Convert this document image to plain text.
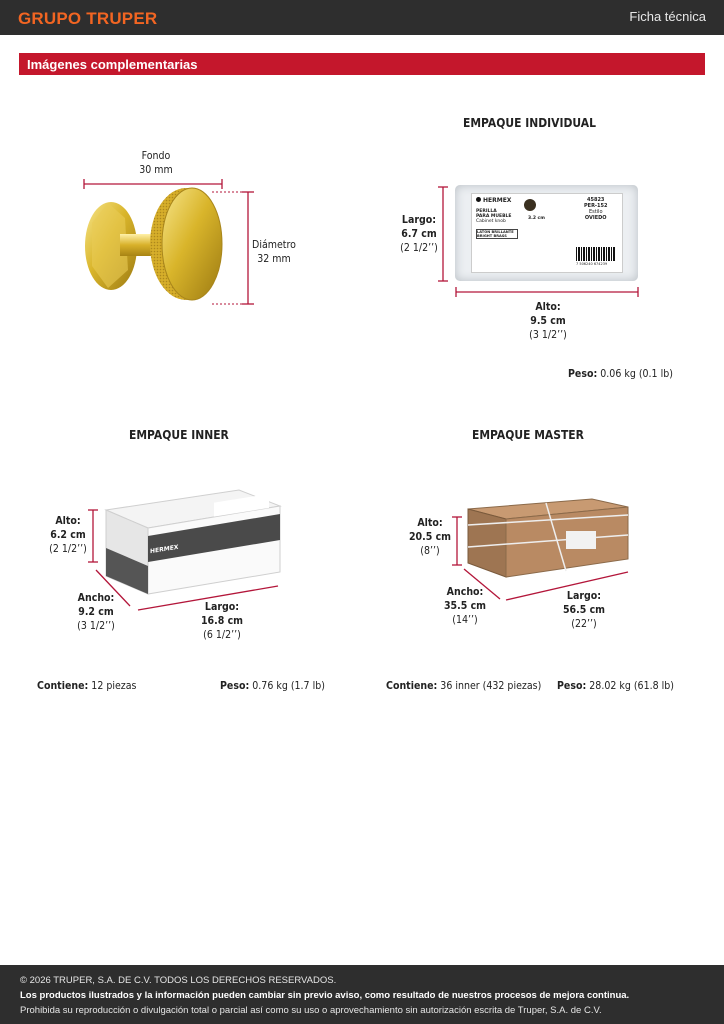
GRUPO TRUPER	Ficha técnica
Imágenes complementarias
Fondo
30 mm
Diámetro
32 mm
EMPAQUE INDIVIDUAL
HERMEX
PERILLA
PARA MUEBLE
Cabinet knob
LATÓN BRILLANTE
BRIGHT BRASS
3.2 cm
45823
PER-152
Estilo
OVIEDO
7 506240 674239
Largo:
6.7 cm
(2 1/2’’)
Alto:
9.5 cm
(3 1/2’’)
Peso: 0.06 kg (0.1 lb)
EMPAQUE INNER
HERMEX
Alto:
6.2 cm
(2 1/2’’)
Ancho:
9.2 cm
(3 1/2’’)
Largo:
16.8 cm
(6 1/2’’)
Contiene: 12 piezas	Peso: 0.76 kg (1.7 lb)
EMPAQUE MASTER
Alto:
20.5 cm
(8’’)
Ancho:
35.5 cm
(14’’)
Largo:
56.5 cm
(22’’)
Contiene: 36 inner (432 piezas) Peso: 28.02 kg (61.8 lb)
© 2026 TRUPER, S.A. DE C.V. TODOS LOS DERECHOS RESERVADOS.
Los productos ilustrados y la información pueden cambiar sin previo aviso, como resultado de nuestros procesos de mejora continua.
Prohibida su reproducción o divulgación total o parcial así como su uso o aprovechamiento sin autorización escrita de Truper, S.A. de C.V.
